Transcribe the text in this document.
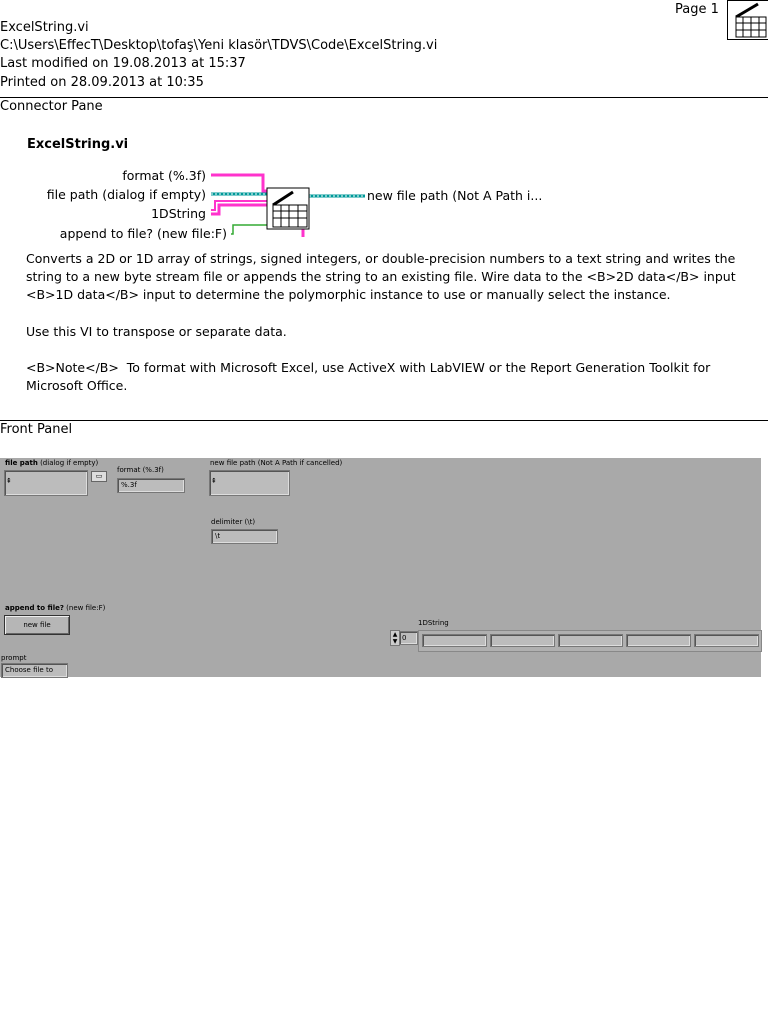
Page 1
ExcelString.vi
C:\Users\EffecT\Desktop\tofaş\Yeni klasör\TDVS\Code\ExcelString.vi
Last modified on 19.08.2013 at 15:37
Printed on 28.09.2013 at 10:35
Connector Pane
ExcelString.vi
format (%.3f)
file path (dialog if empty)
1DString
append to file? (new file:F)
new file path (Not A Path i...
Converts a 2D or 1D array of strings, signed integers, or double-precision numbers to a text string and writes the
string to a new byte stream file or appends the string to an existing file. Wire data to the <B>2D data</B> input
<B>1D data</B> input to determine the polymorphic instance to use or manually select the instance.

Use this VI to transpose or separate data.

<B>Note</B>  To format with Microsoft Excel, use ActiveX with LabVIEW or the Report Generation Toolkit for
Microsoft Office.
Front Panel
file path (dialog if empty)
⇞
▭
format (%.3f)
%.3f
new file path (Not A Path if cancelled)
⇞
delimiter (\t)
\t
append to file? (new file:F)
new file
prompt
Choose file to
1DString
▲
▼ 0
